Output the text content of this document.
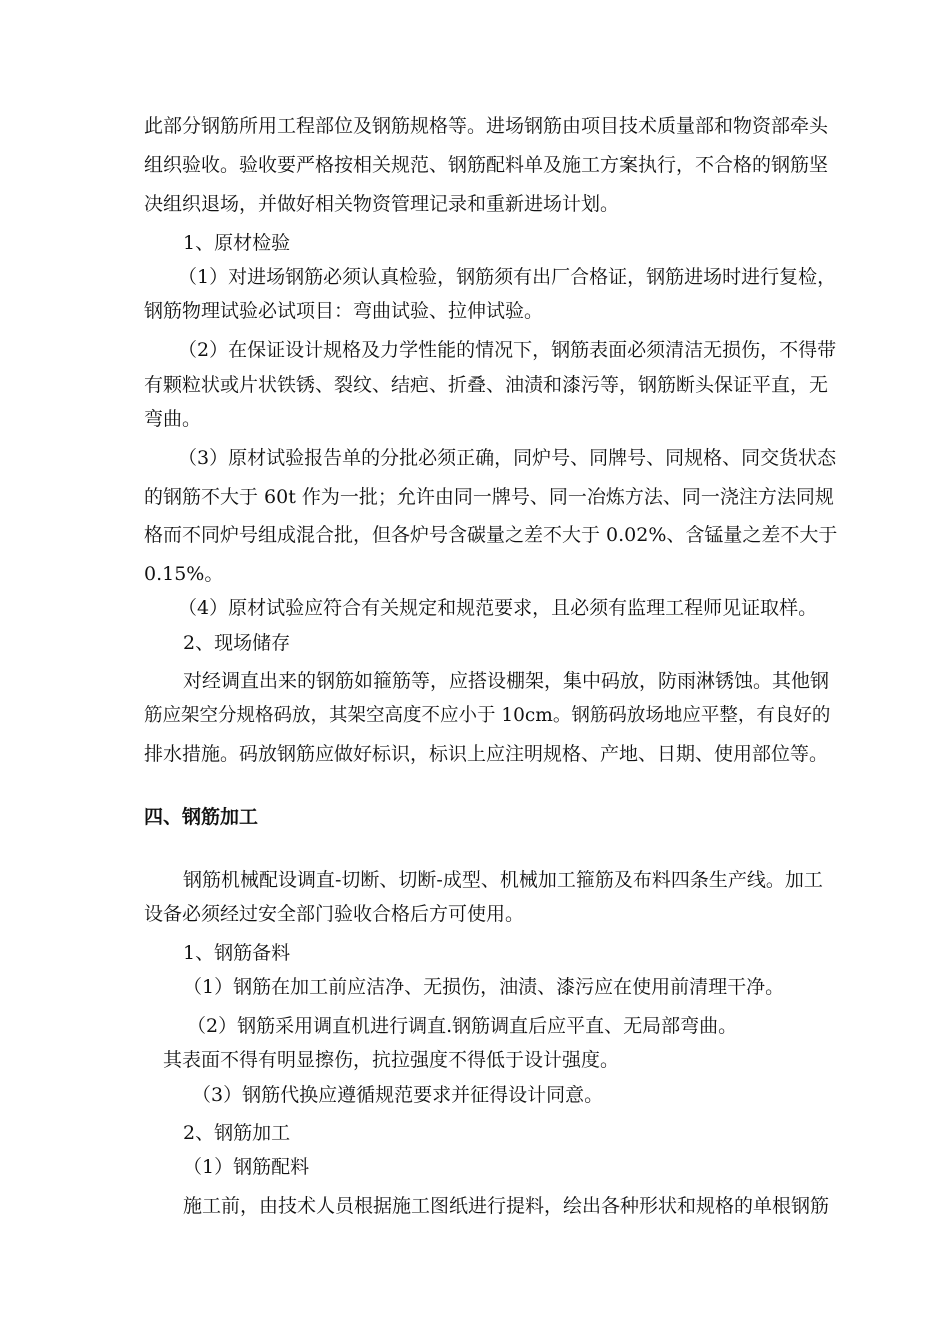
此部分钢筋所用工程部位及钢筋规格等。进场钢筋由项目技术质量部和物资部牵头
组织验收。验收要严格按相关规范、钢筋配料单及施工方案执行，不合格的钢筋坚
决组织退场，并做好相关物资管理记录和重新进场计划。
1、原材检验
（1）对进场钢筋必须认真检验，钢筋须有出厂合格证，钢筋进场时进行复检，
钢筋物理试验必试项目：弯曲试验、拉伸试验。
（2）在保证设计规格及力学性能的情况下，钢筋表面必须清洁无损伤，不得带
有颗粒状或片状铁锈、裂纹、结疤、折叠、油渍和漆污等，钢筋断头保证平直，无
弯曲。
（3）原材试验报告单的分批必须正确，同炉号、同牌号、同规格、同交货状态
的钢筋不大于 60t 作为一批；允许由同一牌号、同一冶炼方法、同一浇注方法同规
格而不同炉号组成混合批，但各炉号含碳量之差不大于 0.02%、含锰量之差不大于
0.15%。
（4）原材试验应符合有关规定和规范要求，且必须有监理工程师见证取样。
2、现场储存
对经调直出来的钢筋如箍筋等，应搭设棚架，集中码放，防雨淋锈蚀。其他钢
筋应架空分规格码放，其架空高度不应小于 10cm。钢筋码放场地应平整，有良好的
排水措施。码放钢筋应做好标识，标识上应注明规格、产地、日期、使用部位等。
四、钢筋加工
钢筋机械配设调直-切断、切断-成型、机械加工箍筋及布料四条生产线。加工
设备必须经过安全部门验收合格后方可使用。
1、钢筋备料
（1）钢筋在加工前应洁净、无损伤，油渍、漆污应在使用前清理干净。
（2）钢筋采用调直机进行调直.钢筋调直后应平直、无局部弯曲。
其表面不得有明显擦伤，抗拉强度不得低于设计强度。
（3）钢筋代换应遵循规范要求并征得设计同意。
2、钢筋加工
（1）钢筋配料
施工前，由技术人员根据施工图纸进行提料，绘出各种形状和规格的单根钢筋
